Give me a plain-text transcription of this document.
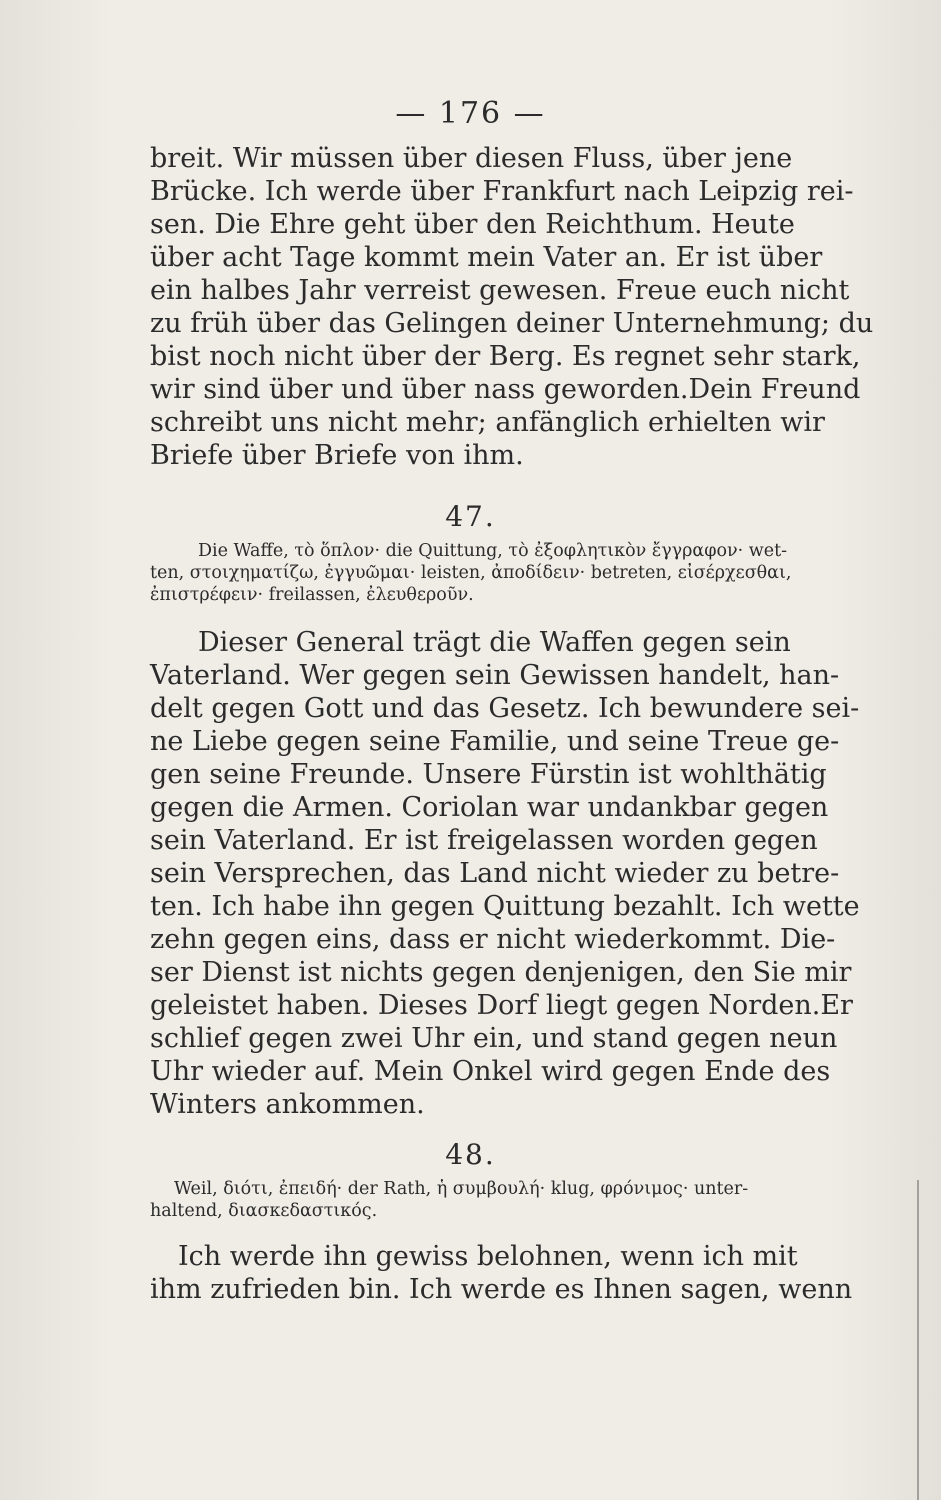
— 176 —

breit. Wir müssen über diesen Fluss, über jene
Brücke. Ich werde über Frankfurt nach Leipzig rei-
sen. Die Ehre geht über den Reichthum. Heute
über acht Tage kommt mein Vater an. Er ist über
ein halbes Jahr verreist gewesen. Freue euch nicht
zu früh über das Gelingen deiner Unternehmung; du
bist noch nicht über der Berg. Es regnet sehr stark,
wir sind über und über nass geworden.Dein Freund
schreibt uns nicht mehr; anfänglich erhielten wir
Briefe über Briefe von ihm.

47.

Die Waffe, τὸ ὅπλον· die Quittung, τὸ ἐξοφλητικὸν ἔγγραφον· wet-
ten, στοιχηματίζω, ἐγγυῶμαι· leisten, ἀποδίδειν· betreten, εἰσέρχεσθαι,
ἐπιστρέφειν· freilassen, ἐλευθεροῦν.

Dieser General trägt die Waffen gegen sein
Vaterland. Wer gegen sein Gewissen handelt, han-
delt gegen Gott und das Gesetz. Ich bewundere sei-
ne Liebe gegen seine Familie, und seine Treue ge-
gen seine Freunde. Unsere Fürstin ist wohlthätig
gegen die Armen. Coriolan war undankbar gegen
sein Vaterland. Er ist freigelassen worden gegen
sein Versprechen, das Land nicht wieder zu betre-
ten. Ich habe ihn gegen Quittung bezahlt. Ich wette
zehn gegen eins, dass er nicht wiederkommt. Die-
ser Dienst ist nichts gegen denjenigen, den Sie mir
geleistet haben. Dieses Dorf liegt gegen Norden.Er
schlief gegen zwei Uhr ein, und stand gegen neun
Uhr wieder auf. Mein Onkel wird gegen Ende des
Winters ankommen.

48.

Weil, διότι, ἐπειδή· der Rath, ἡ συμβουλή· klug, φρόνιμος· unter-
haltend, διασκεδαστικός.

Ich werde ihn gewiss belohnen, wenn ich mit
ihm zufrieden bin. Ich werde es Ihnen sagen, wenn
